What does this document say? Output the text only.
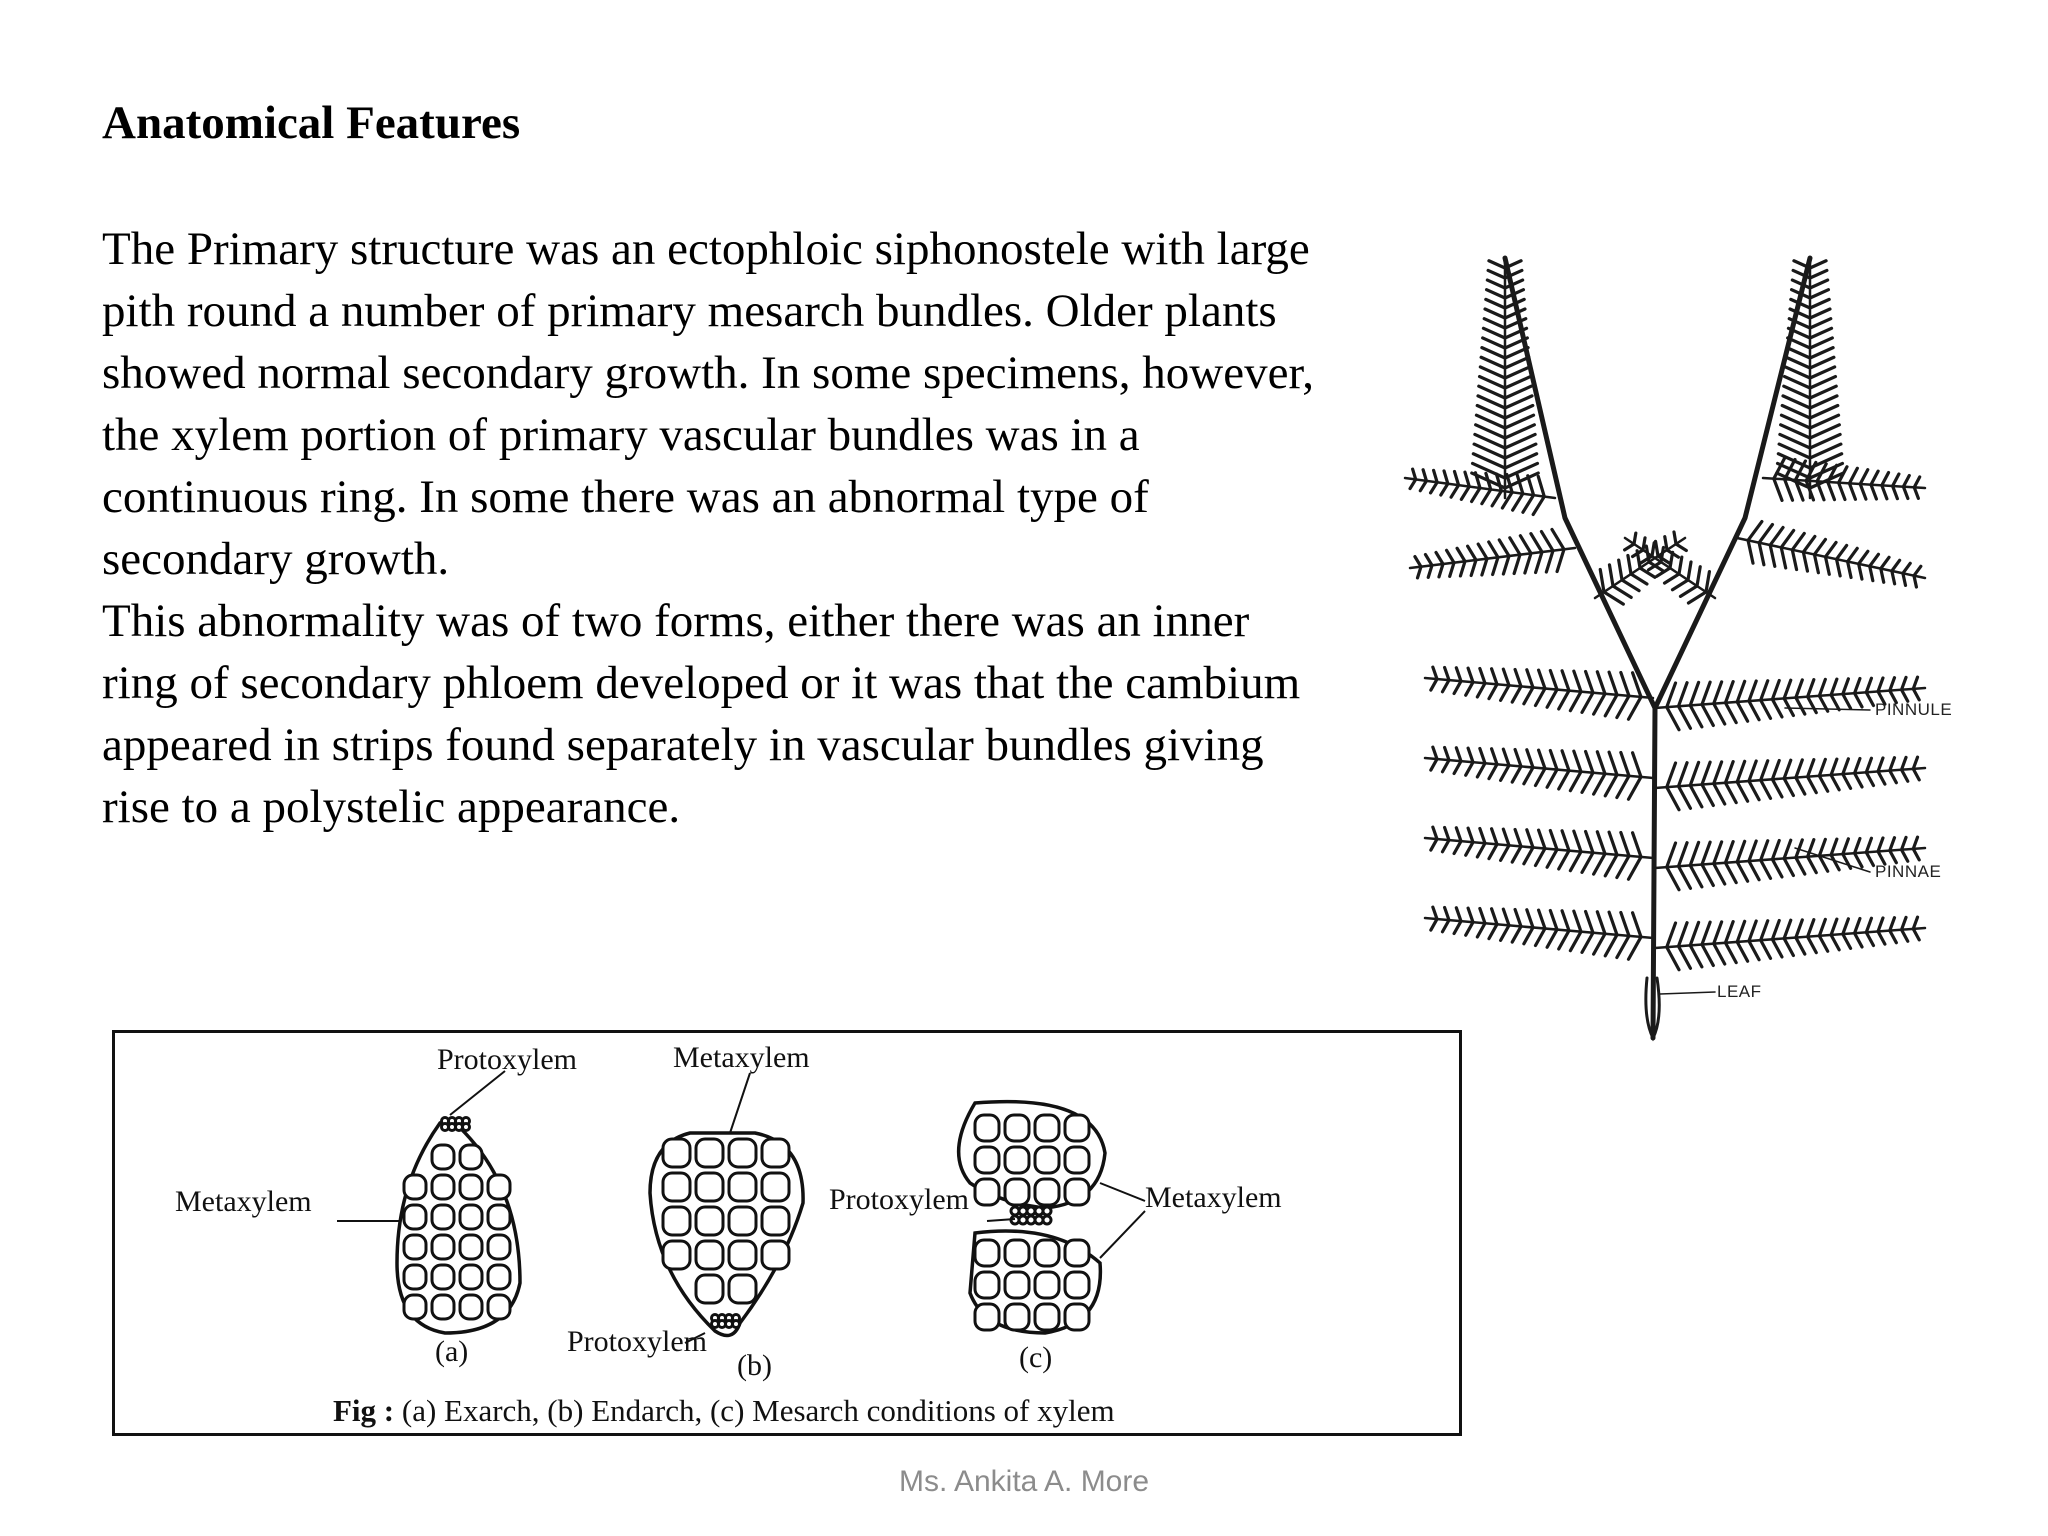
Anatomical Features

The Primary structure was an ectophloic siphonostele with large pith round a number of primary mesarch bundles. Older plants showed normal secondary growth. In some specimens, however, the xylem portion of primary vascular bundles was in a continuous ring. In some there was an abnormal type of secondary growth.

This abnormality was of two forms, either there was an inner ring of secondary phloem developed or it was that the cambium appeared in strips found separately in vascular bundles giving rise to a polystelic appearance.

PINNULE
PINNAE
LEAF
Protoxylem
Metaxylem
Metaxylem
Protoxylem
Protoxylem	Metaxylem
(a)	(b)	(c)
Fig : (a) Exarch, (b) Endarch, (c) Mesarch conditions of xylem
Ms. Ankita A. More
